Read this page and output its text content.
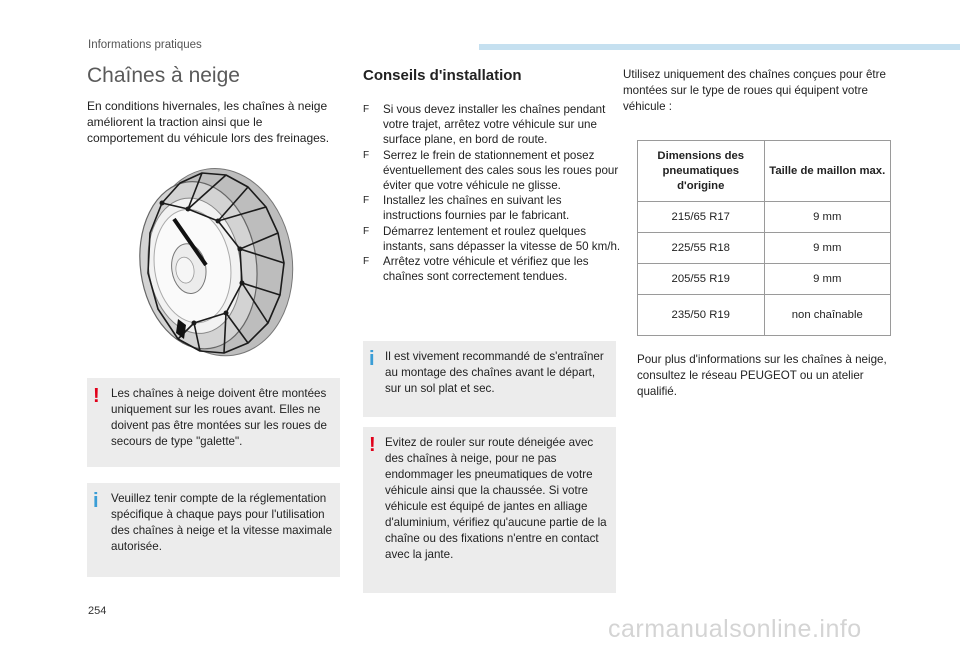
Informations pratiques
Chaînes à neige
En conditions hivernales, les chaînes à neige améliorent la traction ainsi que le comportement du véhicule lors des freinages.
! Les chaînes à neige doivent être montées uniquement sur les roues avant. Elles ne doivent pas être montées sur les roues de secours de type "galette".
i Veuillez tenir compte de la réglementation spécifique à chaque pays pour l'utilisation des chaînes à neige et la vitesse maximale autorisée.
Conseils d'installation
F Si vous devez installer les chaînes pendant votre trajet, arrêtez votre véhicule sur une surface plane, en bord de route.
F Serrez le frein de stationnement et posez éventuellement des cales sous les roues pour éviter que votre véhicule ne glisse.
F Installez les chaînes en suivant les instructions fournies par le fabricant.
F Démarrez lentement et roulez quelques instants, sans dépasser la vitesse de 50 km/h.
F Arrêtez votre véhicule et vérifiez que les chaînes sont correctement tendues.
i Il est vivement recommandé de s'entraîner au montage des chaînes avant le départ, sur un sol plat et sec.
! Evitez de rouler sur route déneigée avec des chaînes à neige, pour ne pas endommager les pneumatiques de votre véhicule ainsi que la chaussée. Si votre véhicule est équipé de jantes en alliage d'aluminium, vérifiez qu'aucune partie de la chaîne ou des fixations n'entre en contact avec la jante.
Utilisez uniquement des chaînes conçues pour être montées sur le type de roues qui équipent votre véhicule :
Dimensions des pneumatiques d'origine	Taille de maillon max.
215/65 R17	9 mm
225/55 R18	9 mm
205/55 R19	9 mm
235/50 R19	non chaînable
Pour plus d'informations sur les chaînes à neige, consultez le réseau PEUGEOT ou un atelier qualifié.
254
carmanualsonline.info
